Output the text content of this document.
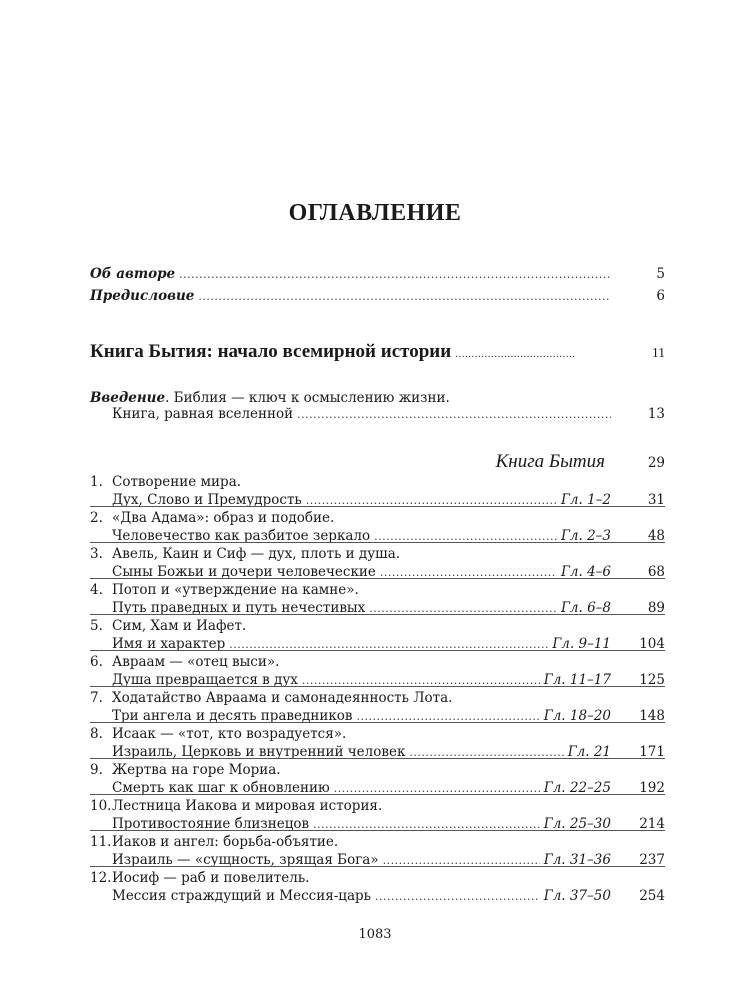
ОГЛАВЛЕНИЕ
Об авторе .....	5
Предисловие .....	6
Книга Бытия: начало всемирной истории .....	11
Введение. Библия — ключ к осмыслению жизни.
Книга, равная вселенной .....	13
Книга Бытия	29
1. Сотворение мира.
Дух, Слово и Премудрость .....	Гл. 1–2	31
2. «Два Адама»: образ и подобие.
Человечество как разбитое зеркало .....	Гл. 2–3	48
3. Авель, Каин и Сиф — дух, плоть и душа.
Сыны Божьи и дочери человеческие .....	Гл. 4–6	68
4. Потоп и «утверждение на камне».
Путь праведных и путь нечестивых .....	Гл. 6–8	89
5. Сим, Хам и Иафет.
Имя и характер .....	Гл. 9–11	104
6. Авраам — «отец выси».
Душа превращается в дух .....	Гл. 11–17	125
7. Ходатайство Авраама и самонадеянность Лота.
Три ангела и десять праведников .....	Гл. 18–20	148
8. Исаак — «тот, кто возрадуется».
Израиль, Церковь и внутренний человек .....	Гл. 21	171
9. Жертва на горе Мориа.
Смерть как шаг к обновлению .....	Гл. 22–25	192
10. Лестница Иакова и мировая история.
Противостояние близнецов .....	Гл. 25–30	214
11. Иаков и ангел: борьба-объятие.
Израиль — «сущность, зрящая Бога» .....	Гл. 31–36	237
12. Иосиф — раб и повелитель.
Мессия страждущий и Мессия-царь .....	Гл. 37–50	254
1083
